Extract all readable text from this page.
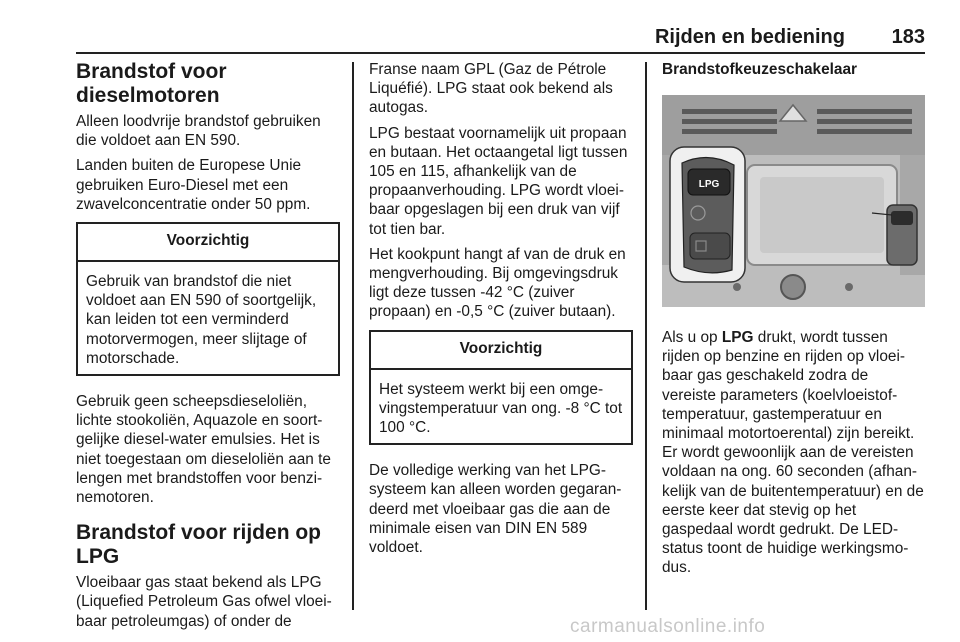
Rijden en bediening 183
Brandstof voor dieselmotoren

Alleen loodvrije brandstof gebruiken die voldoet aan EN 590.

Landen buiten de Europese Unie gebruiken Euro-Diesel met een zwavelconcentratie onder 50 ppm.

Voorzichtig
Gebruik van brandstof die niet voldoet aan EN 590 of soortgelijk, kan leiden tot een verminderd motorvermogen, meer slijtage of motorschade.

Gebruik geen scheepsdieseloliën, lichte stookoliën, Aquazole en soort-gelijke diesel-water emulsies. Het is niet toegestaan om dieseloliën aan te lengen met brandstoffen voor benzi-nemotoren.

Brandstof voor rijden op LPG

Vloeibaar gas staat bekend als LPG (Liquefied Petroleum Gas ofwel vloei-baar petroleumgas) of onder de

Franse naam GPL (Gaz de Pétrole Liquéfié). LPG staat ook bekend als autogas.

LPG bestaat voornamelijk uit propaan en butaan. Het octaangetal ligt tussen 105 en 115, afhankelijk van de propaanverhouding. LPG wordt vloei-baar opgeslagen bij een druk van vijf tot tien bar.

Het kookpunt hangt af van de druk en mengverhouding. Bij omgevingsdruk ligt deze tussen -42 °C (zuiver propaan) en -0,5 °C (zuiver butaan).

Voorzichtig
Het systeem werkt bij een omge-vingstemperatuur van ong. -8 °C tot 100 °C.

De volledige werking van het LPG-systeem kan alleen worden gegaran-deerd met vloeibaar gas die aan de minimale eisen van DIN EN 589 voldoet.

Brandstofkeuzeschakelaar
LPG

Als u op LPG drukt, wordt tussen rijden op benzine en rijden op vloei-baar gas geschakeld zodra de vereiste parameters (koelvloeistof-temperatuur, gastemperatuur en minimaal motortoerental) zijn bereikt. Er wordt gewoonlijk aan de vereisten voldaan na ong. 60 seconden (afhan-kelijk van de buitentemperatuur) en de eerste keer dat stevig op het gaspedaal wordt gedrukt. De LED-status toont de huidige werkingsmo-dus.

carmanualsonline.info
